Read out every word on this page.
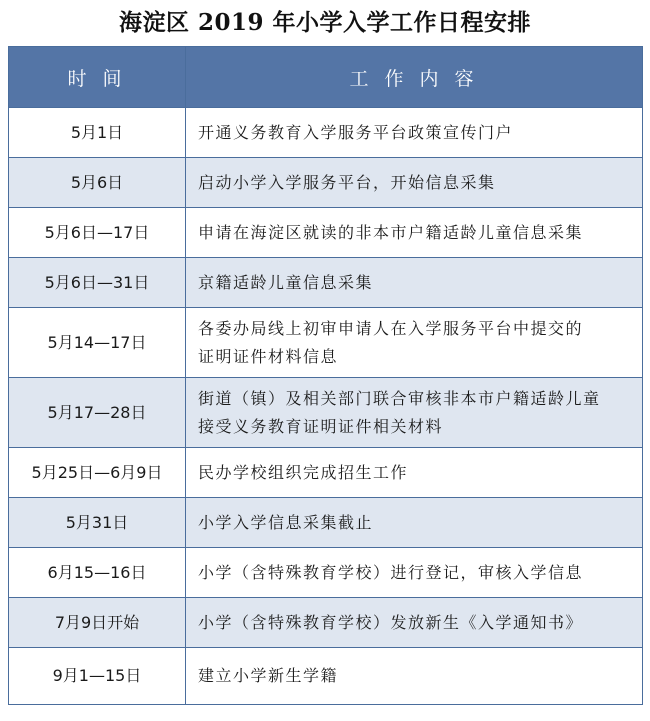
海淀区 2019 年小学入学工作日程安排
时 间	工 作 内 容
5月1日	开通义务教育入学服务平台政策宣传门户
5月6日	启动小学入学服务平台，开始信息采集
5月6日—17日	申请在海淀区就读的非本市户籍适龄儿童信息采集
5月6日—31日	京籍适龄儿童信息采集
5月14—17日	各委办局线上初审申请人在入学服务平台中提交的
证明证件材料信息

5月17—28日	街道（镇）及相关部门联合审核非本市户籍适龄儿童
接受义务教育证明证件相关材料

5月25日—6月9日	民办学校组织完成招生工作
5月31日	小学入学信息采集截止
6月15—16日	小学（含特殊教育学校）进行登记，审核入学信息
7月9日开始	小学（含特殊教育学校）发放新生《入学通知书》
9月1—15日	建立小学新生学籍
